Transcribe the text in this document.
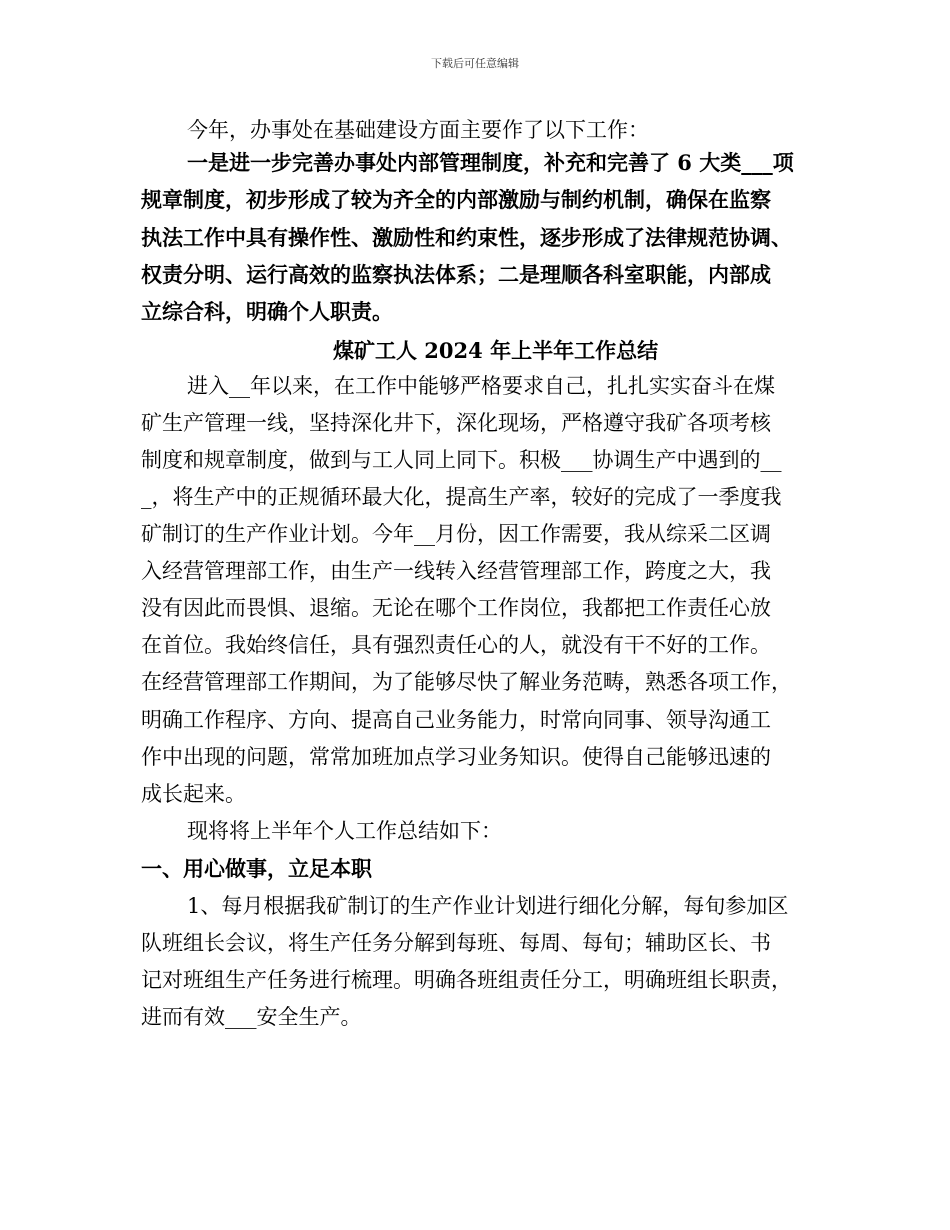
下载后可任意编辑
今年，办事处在基础建设方面主要作了以下工作：
一是进一步完善办事处内部管理制度，补充和完善了 6 大类___项
规章制度，初步形成了较为齐全的内部激励与制约机制，确保在监察
执法工作中具有操作性、激励性和约束性，逐步形成了法律规范协调、
权责分明、运行高效的监察执法体系；二是理顺各科室职能，内部成
立综合科，明确个人职责。
煤矿工人 2024 年上半年工作总结
进入__年以来，在工作中能够严格要求自己，扎扎实实奋斗在煤
矿生产管理一线，坚持深化井下，深化现场，严格遵守我矿各项考核
制度和规章制度，做到与工人同上同下。积极___协调生产中遇到的__
_，将生产中的正规循环最大化，提高生产率，较好的完成了一季度我
矿制订的生产作业计划。今年__月份，因工作需要，我从综采二区调
入经营管理部工作，由生产一线转入经营管理部工作，跨度之大，我
没有因此而畏惧、退缩。无论在哪个工作岗位，我都把工作责任心放
在首位。我始终信任，具有强烈责任心的人，就没有干不好的工作。
在经营管理部工作期间，为了能够尽快了解业务范畴，熟悉各项工作，
明确工作程序、方向、提高自己业务能力，时常向同事、领导沟通工
作中出现的问题，常常加班加点学习业务知识。使得自己能够迅速的
成长起来。
现将将上半年个人工作总结如下：
一、用心做事，立足本职
1、每月根据我矿制订的生产作业计划进行细化分解，每旬参加区
队班组长会议，将生产任务分解到每班、每周、每旬；辅助区长、书
记对班组生产任务进行梳理。明确各班组责任分工，明确班组长职责，
进而有效___安全生产。
